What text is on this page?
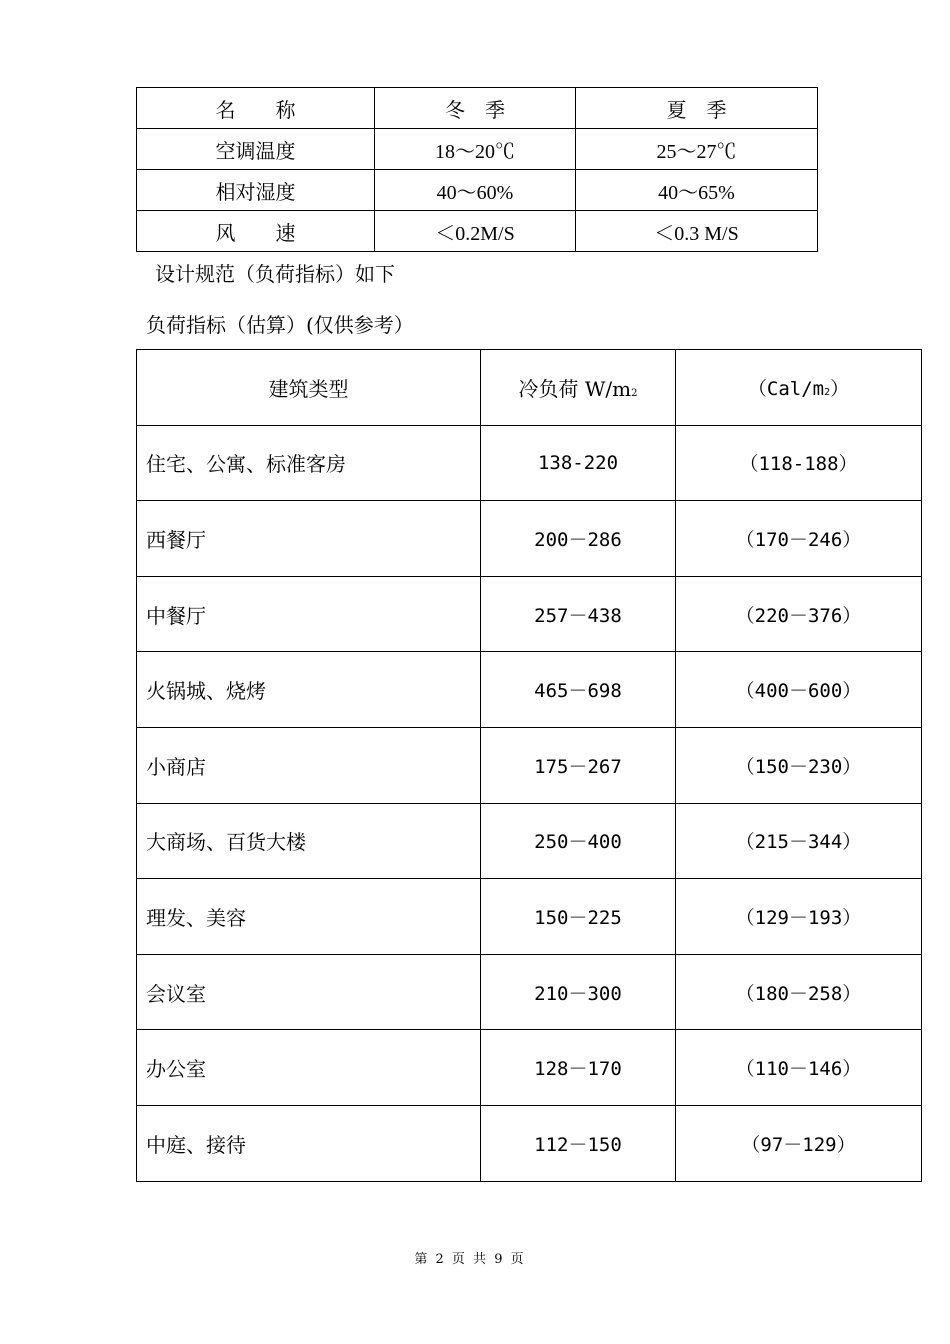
名　　称	冬　季	夏　季
空调温度	18～20℃	25～27℃
相对湿度	40～60%	40～65%
风　　速	＜0.2M/S	＜0.3 M/S
设计规范（负荷指标）如下
负荷指标（估算）(仅供参考）
建筑类型	冷负荷 W/m2	（Cal/m2）
住宅、公寓、标准客房	138-220	（118-188）
西餐厅	200－286	（170－246）
中餐厅	257－438	（220－376）
火锅城、烧烤	465－698	（400－600）
小商店	175－267	（150－230）
大商场、百货大楼	250－400	（215－344）
理发、美容	150－225	（129－193）
会议室	210－300	（180－258）
办公室	128－170	（110－146）
中庭、接待	112－150	（97－129）
第 2 页 共 9 页
